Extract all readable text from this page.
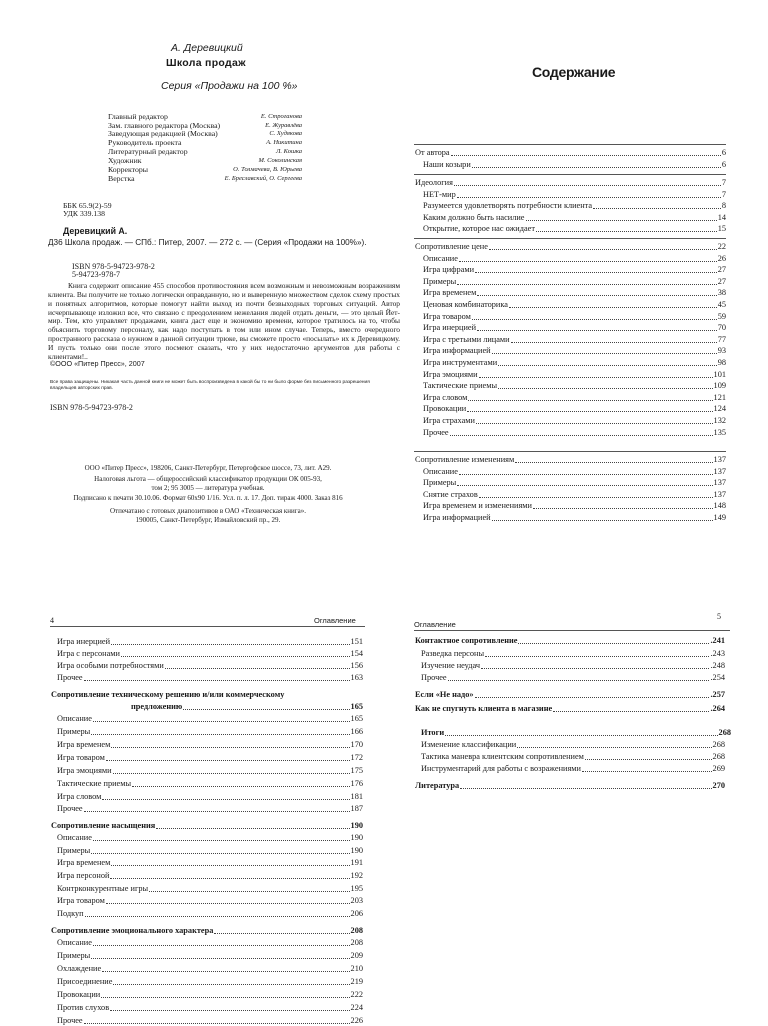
А. Деревицкий
Школа продаж
Серия «Продажи на 100 %»
Главный редактор	Е. Строганова
Зам. главного редактора (Москва)	Е. Журавлёва
Заведующая редакцией (Москва)	С. Худякова
Руководитель проекта	А. Никитина
Литературный редактор	Л. Кошка
Художник	М. Соколинская
Корректоры	О. Толмачева, В. Юрьева
Верстка	Е. Бреславский, О. Сергеева
ББК 65.9(2)-59
УДК 339.138
Деревицкий А.
Д36 Школа продаж. — СПб.: Питер, 2007. — 272 с. — (Серия «Продажи на 100%»).
ISBN 978-5-94723-978-2
5-94723-978-7
Книга содержит описание 455 способов противостояния всем возможным и невозможным возражениям клиента. Вы получите не только логически оправданную, но и выверенную множеством сделок схему простых и понятных алгоритмов, которые помогут найти выход из почти безвыходных торговых ситуаций. Автор исчерпывающе изложил все, что связано с преодолением нежелания людей отдать деньги, — это целый Йет-мир. Тем, кто управляет продажами, книга даст еще и экономию времени, которое тратилось на то, чтобы объяснить торговому персоналу, как надо поступать в том или ином случае. Теперь, вместо очередного пространного рассказа о нужном в данной ситуации трюке, вы сможете просто «посылать» их к Деревицкому. И пусть только они после этого посмеют сказать, что у них недостаточно аргументов для работы с клиентами!..
©ООО «Питер Пресс», 2007
Все права защищены. Никакая часть данной книги не может быть воспроизведена в какой бы то ни было форме без письменного разрешения владельцев авторских прав.
ISBN 978-5-94723-978-2
ООО «Питер Пресс», 198206, Санкт-Петербург, Петергофское шоссе, 73, лит. А29.
Налоговая льгота — общероссийский классификатор продукции ОК 005-93,
том 2; 95 3005 — литература учебная.
Подписано к печати 30.10.06. Формат 60х90 1/16. Усл. п. л. 17. Доп. тираж 4000. Заказ 816
Отпечатано с готовых диапозитивов в ОАО «Техническая книга».
190005, Санкт-Петербург, Измайловский пр., 29.
Содержание
От автора	6
Наши козыри	6
Идеология	7
НЕТ-мир	7
Разумеется удовлетворять потребности клиента	8
Каким должно быть насилие	14
Открытие, которое нас ожидает	15
Сопротивление цене	22
Описание	26
Игра цифрами	27
Примеры	27
Игра временем	38
Ценовая комбинаторика	45
Игра товаром	59
Игра инерцией	70
Игра с третьими лицами	77
Игра информацией	93
Игра инструментами	98
Игра эмоциями	101
Тактические приемы	109
Игра словом	121
Провокации	124
Игра страхами	132
Прочее	135
Сопротивление изменениям	137
Описание	137
Примеры	137
Снятие страхов	137
Игра временем и изменениями	148
Игра информацией	149
4	Оглавление
Игра инерцией	151
Игра с персонами	154
Игра особыми потребностями	156
Прочее	163
Сопротивление техническому решению и/или коммерческому
предложению	165
Описание	165
Примеры	166
Игра временем	170
Игра товаром	172
Игра эмоциями	175
Тактические приемы	176
Игра словом	181
Прочее	187
Сопротивление насыщения	190
Описание	190
Примеры	190
Игра временем	191
Игра персоной	192
Контрконкурентные игры	195
Игра товаром	203
Подкуп	206
Сопротивление эмоционального характера	208
Описание	208
Примеры	209
Охлаждение	210
Присоединение	219
Провокации	222
Против слухов	224
Прочее	226
5
Оглавление
Контактное сопротивление	.241
Разведка персоны	.243
Изучение неудач	.248
Прочее	.254
Если «Не надо»	.257
Как не спугнуть клиента в магазине	.264
Итоги	268
Изменение классификации	268
Тактика маневра клиентским сопротивлением	268
Инструментарий для работы с возражениями	269
Литература	270
